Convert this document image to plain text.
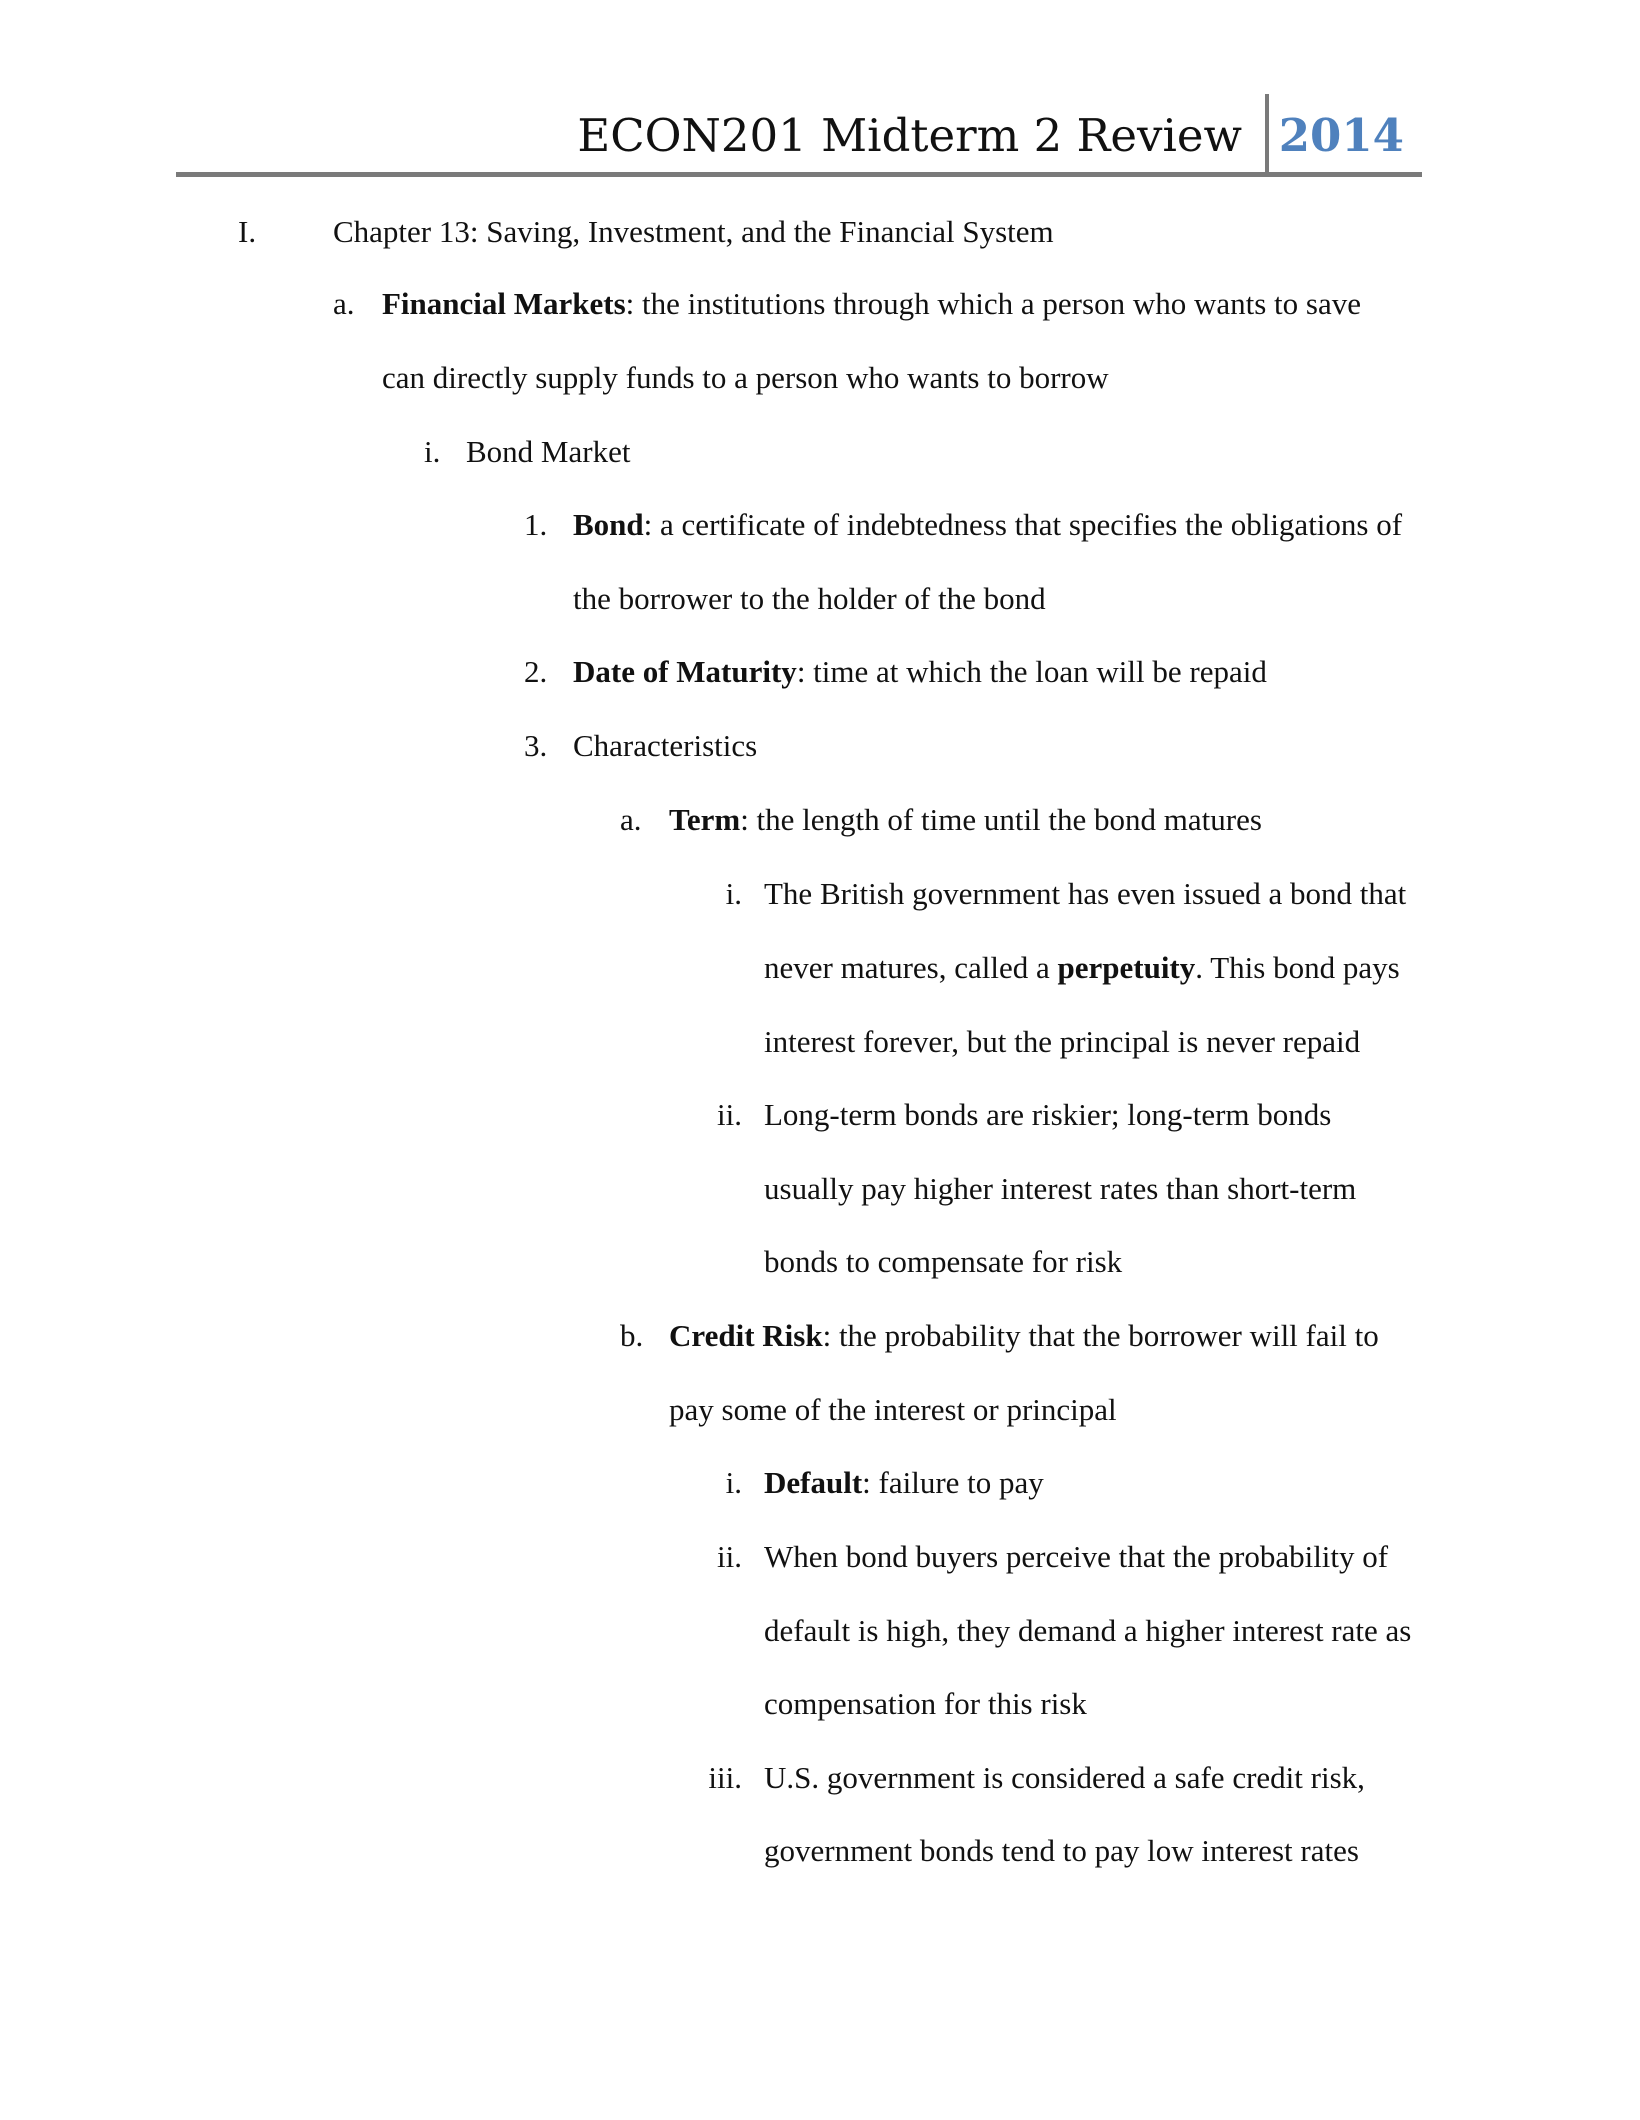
ECON201 Midterm 2 Review 2014
I. Chapter 13: Saving, Investment, and the Financial System
a. Financial Markets: the institutions through which a person who wants to save
can directly supply funds to a person who wants to borrow
i. Bond Market
1. Bond: a certificate of indebtedness that specifies the obligations of
the borrower to the holder of the bond
2. Date of Maturity: time at which the loan will be repaid
3. Characteristics
a. Term: the length of time until the bond matures
i. The British government has even issued a bond that
never matures, called a perpetuity. This bond pays
interest forever, but the principal is never repaid
ii. Long-term bonds are riskier; long-term bonds
usually pay higher interest rates than short-term
bonds to compensate for risk
b. Credit Risk: the probability that the borrower will fail to
pay some of the interest or principal
i. Default: failure to pay
ii. When bond buyers perceive that the probability of
default is high, they demand a higher interest rate as
compensation for this risk
iii. U.S. government is considered a safe credit risk,
government bonds tend to pay low interest rates
